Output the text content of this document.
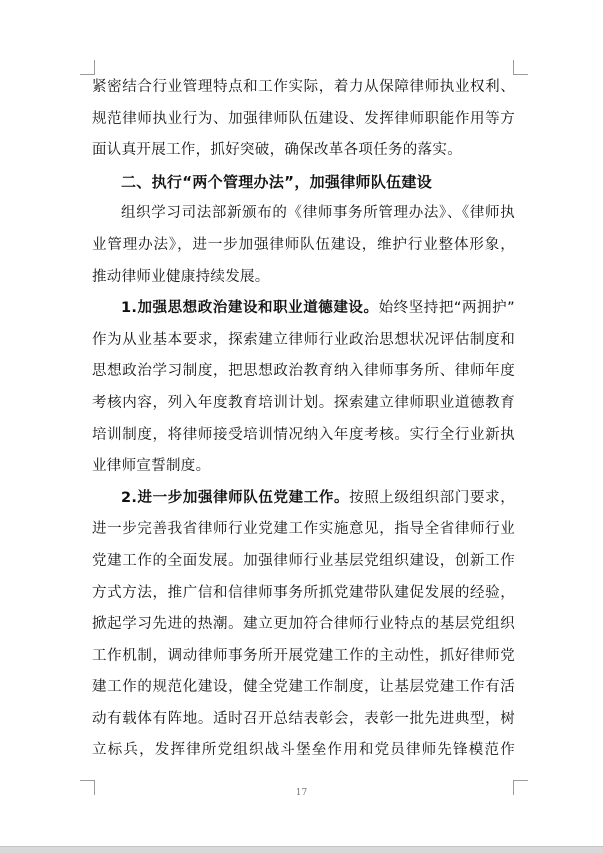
紧密结合行业管理特点和工作实际，着力从保障律师执业权利、
规范律师执业行为、加强律师队伍建设、发挥律师职能作用等方
面认真开展工作，抓好突破，确保改革各项任务的落实。
二、执行“两个管理办法”，加强律师队伍建设
组织学习司法部新颁布的《律师事务所管理办法》、《律师执
业管理办法》，进一步加强律师队伍建设，维护行业整体形象，
推动律师业健康持续发展。
1.加强思想政治建设和职业道德建设。始终坚持把“两拥护”
作为从业基本要求，探索建立律师行业政治思想状况评估制度和
思想政治学习制度，把思想政治教育纳入律师事务所、律师年度
考核内容，列入年度教育培训计划。探索建立律师职业道德教育
培训制度，将律师接受培训情况纳入年度考核。实行全行业新执
业律师宣誓制度。
2.进一步加强律师队伍党建工作。按照上级组织部门要求，
进一步完善我省律师行业党建工作实施意见，指导全省律师行业
党建工作的全面发展。加强律师行业基层党组织建设，创新工作
方式方法，推广信和信律师事务所抓党建带队建促发展的经验，
掀起学习先进的热潮。建立更加符合律师行业特点的基层党组织
工作机制，调动律师事务所开展党建工作的主动性，抓好律师党
建工作的规范化建设，健全党建工作制度，让基层党建工作有活
动有载体有阵地。适时召开总结表彰会，表彰一批先进典型，树
立标兵，发挥律所党组织战斗堡垒作用和党员律师先锋模范作
17
